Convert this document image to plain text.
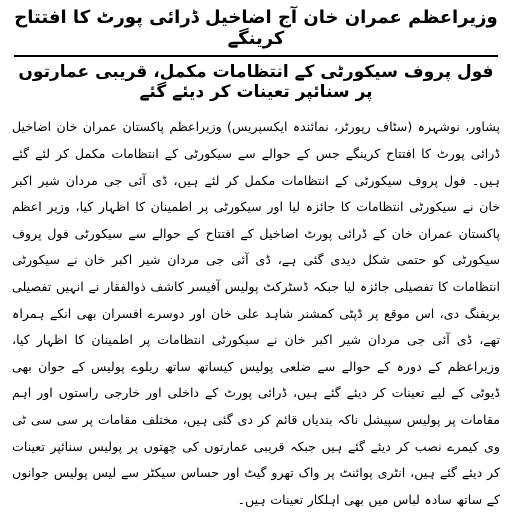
وزیراعظم عمران خان آج اضاخیل ڈرائی پورٹ کا افتتاح کرینگے
فول پروف سیکورٹی کے انتظامات مکمل، قریبی عمارتوں پر سنائپر تعینات کر دیئے گئے

پشاور، نوشہرہ (سٹاف رپورٹر، نمائندہ ایکسپریس) وزیراعظم پاکستان عمران خان اضاخیل ڈرائی پورٹ کا افتتاح کرینگے جس کے حوالے سے سیکورٹی کے انتظامات مکمل کر لئے گئے ہیں۔ فول پروف سیکورٹی کے انتظامات مکمل کر لئے ہیں، ڈی آئی جی مردان شیر اکبر خان نے سیکورٹی انتظامات کا جائزہ لیا اور سیکورٹی پر اطمینان کا اظہار کیا، وزیر اعظم پاکستان عمران خان کے ڈرائی پورٹ اضاخیل کے افتتاح کے حوالے سے سیکورٹی فول پروف سیکورٹی کو حتمی شکل دیدی گئی ہے، ڈی آئی جی مردان شیر اکبر خان نے سیکورٹی انتظامات کا تفصیلی جائزہ لیا جبکہ ڈسٹرکٹ پولیس آفیسر کاشف ذوالفقار نے انہیں تفصیلی بریفنگ دی، اس موقع پر ڈپٹی کمشنر شاہد علی خان اور دوسرے افسران بھی انکے ہمراہ تھے، ڈی آئی جی مردان شیر اکبر خان نے سیکورٹی انتظامات پر اطمینان کا اظہار کیا، وزیراعظم کے دورہ کے حوالے سے ضلعی پولیس کیساتھ ساتھ ریلوے پولیس کے جوان بھی ڈیوٹی کے لیے تعینات کر دیئے گئے ہیں، ڈرائی پورٹ کے داخلی اور خارجی راستوں اور اہم مقامات پر پولیس سپیشل ناکہ بندیاں قائم کر دی گئی ہیں، مختلف مقامات پر سی سی ٹی وی کیمرے نصب کر دیئے گئے ہیں جبکہ قریبی عمارتوں کی چھتوں پر پولیس سنائپر تعینات کر دیئے گئے ہیں، انٹری پوائنٹ پر واک تھرو گیٹ اور حساس سیکٹر سے لیس پولیس جوانوں کے ساتھ سادہ لباس میں بھی اہلکار تعینات ہیں۔
